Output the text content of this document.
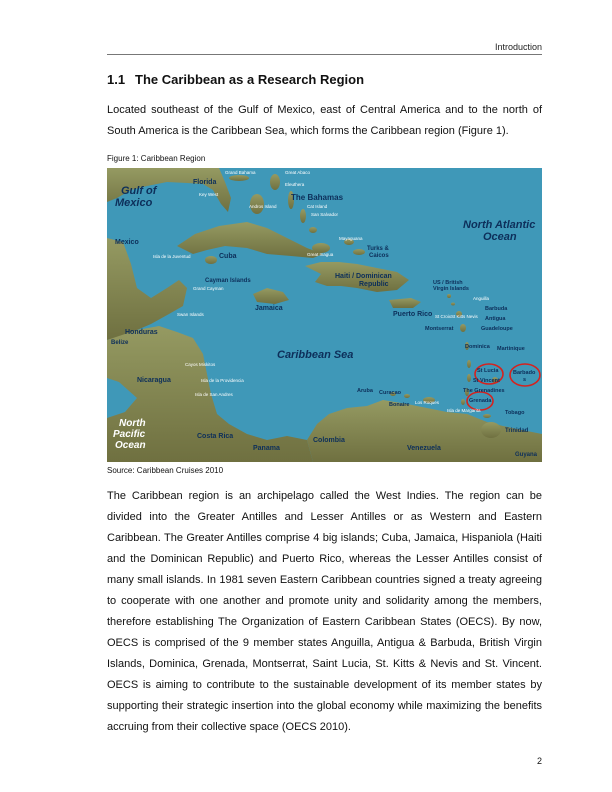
Introduction
1.1 The Caribbean as a Research Region

Located southeast of the Gulf of Mexico, east of Central America and to the north of South America is the Caribbean Sea, which forms the Caribbean region (Figure 1).

Figure 1: Caribbean Region
Gulf of Mexico
North Atlantic Ocean
Caribbean Sea
North Pacific Ocean
Florida
The Bahamas
Mexico
Cuba
Cayman Islands
Jamaica
Haiti / Dominican Republic
Turks & Caicos
Puerto Rico
US / British Virgin Islands
Barbuda
Antigua
Montserrat	Guadeloupe
Dominica Martinique
St Lucia	Barbado s
St Vincent
The Grenadines
Grenada
Tobago
Trinidad
Guyana
Venezuela
Colombia
Panama
Costa Rica
Nicaragua
Honduras
Belize
Aruba Curacao
Bonaire
Grand Bahama	Great Abaco
Eleuthera
Cat Island
San Salvador
Great Inagua
Mayaguana
Key West
Andros Island
Isla de la Juventud
Grand Cayman
Swan Islands
Cayos Miskitos
Isla de la Providencia
Isla de San Andres
St Kitts Nevis
Anguilla
St Croix
Los Roques
Isla de Margarita
Source: Caribbean Cruises 2010

The Caribbean region is an archipelago called the West Indies. The region can be divided into the Greater Antilles and Lesser Antilles or as Western and Eastern Caribbean. The Greater Antilles comprise 4 big islands; Cuba, Jamaica, Hispaniola (Haiti and the Dominican Republic) and Puerto Rico, whereas the Lesser Antilles consist of many small islands. In 1981 seven Eastern Caribbean countries signed a treaty agreeing to cooperate with one another and promote unity and solidarity among the members, therefore establishing The Organization of Eastern Caribbean States (OECS). By now, OECS is comprised of the 9 member states Anguilla, Antigua & Barbuda, British Virgin Islands, Dominica, Grenada, Montserrat, Saint Lucia, St. Kitts & Nevis and St. Vincent. OECS is aiming to contribute to the sustainable development of its member states by supporting their strategic insertion into the global economy while maximizing the benefits accruing from their collective space (OECS 2010).

2
